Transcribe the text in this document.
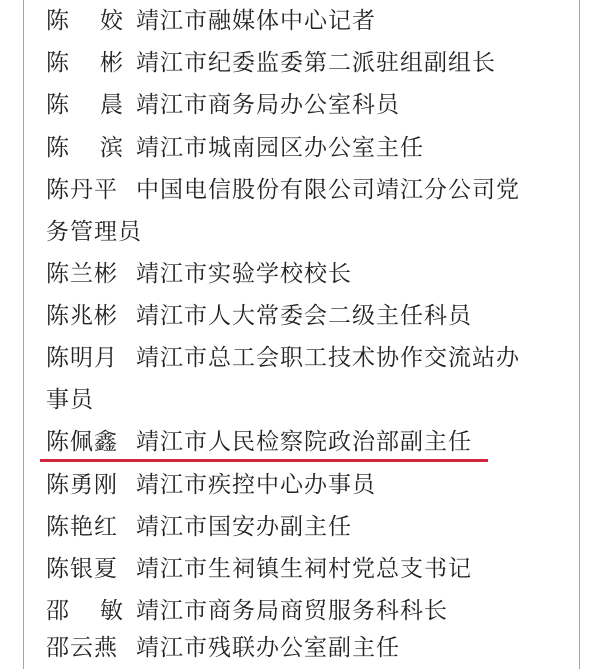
陈 姣 靖江市融媒体中心记者
陈 彬 靖江市纪委监委第二派驻组副组长
陈 晨 靖江市商务局办公室科员
陈 滨 靖江市城南园区办公室主任
陈丹平 中国电信股份有限公司靖江分公司党
务管理员
陈兰彬 靖江市实验学校校长
陈兆彬 靖江市人大常委会二级主任科员
陈明月 靖江市总工会职工技术协作交流站办
事员
陈佩鑫 靖江市人民检察院政治部副主任
陈勇刚 靖江市疾控中心办事员
陈艳红 靖江市国安办副主任
陈银夏 靖江市生祠镇生祠村党总支书记
邵 敏 靖江市商务局商贸服务科科长
邵云燕 靖江市残联办公室副主任
